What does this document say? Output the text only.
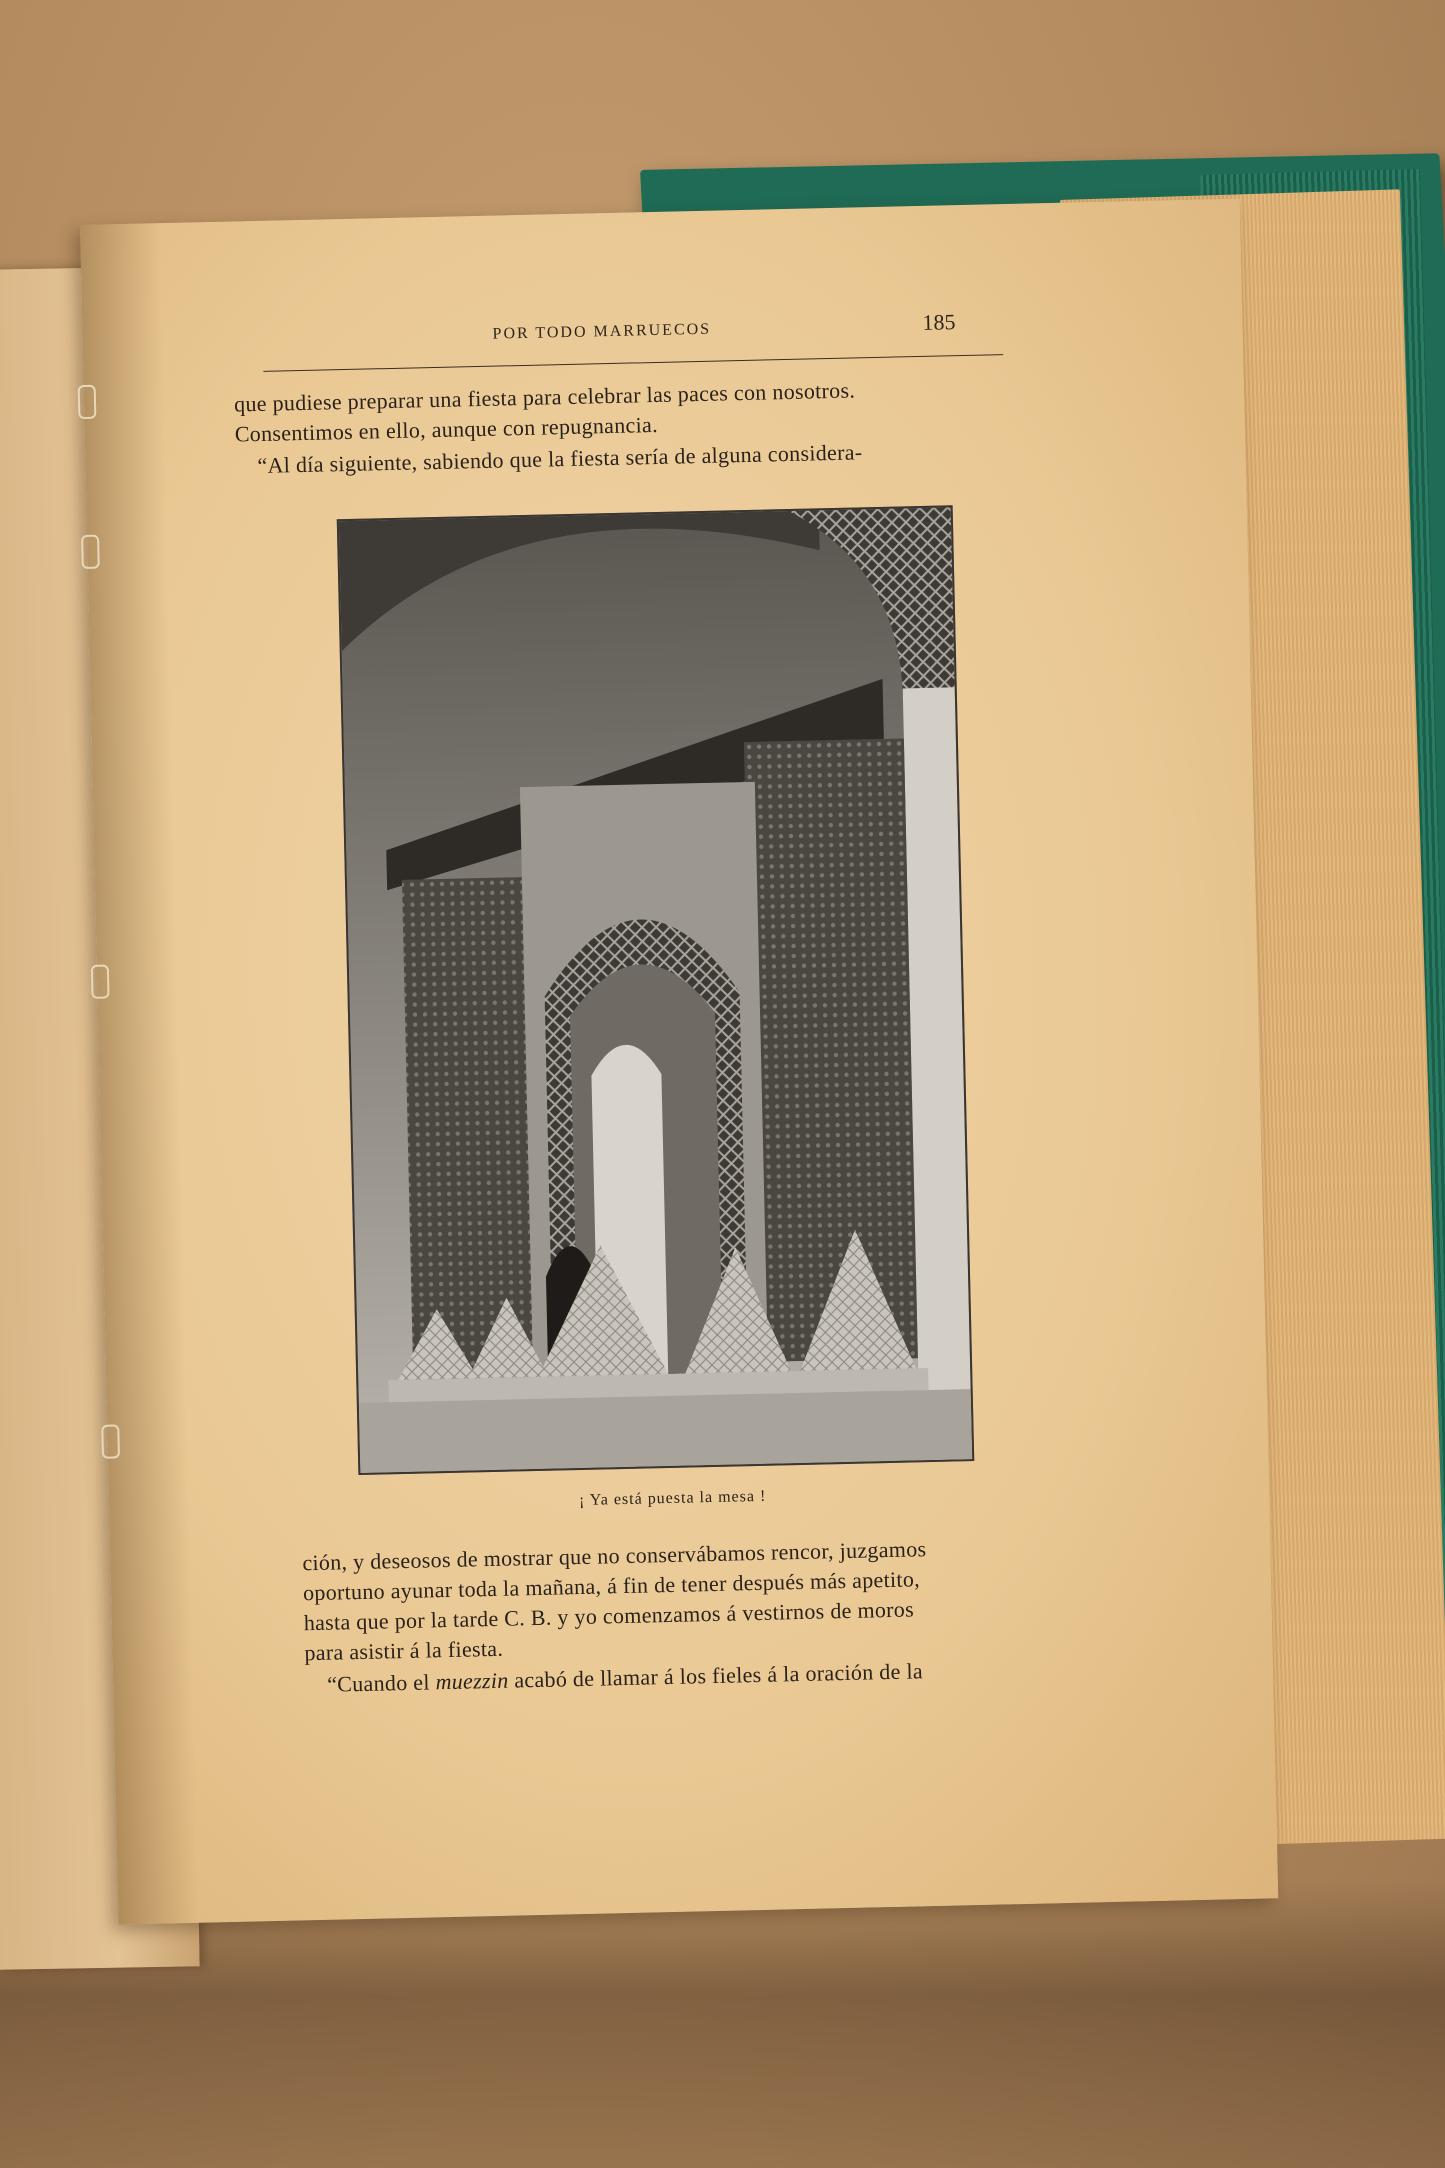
POR TODO MARRUECOS	185
que pudiese preparar una fiesta para celebrar las paces con nosotros.
Consentimos en ello, aunque con repugnancia.
“Al día siguiente, sabiendo que la fiesta sería de alguna considera-
¡ Ya está puesta la mesa !
ción, y deseosos de mostrar que no conservábamos rencor, juzgamos
oportuno ayunar toda la mañana, á fin de tener después más apetito,
hasta que por la tarde C. B. y yo comenzamos á vestirnos de moros
para asistir á la fiesta.
“Cuando el muezzin acabó de llamar á los fieles á la oración de la
